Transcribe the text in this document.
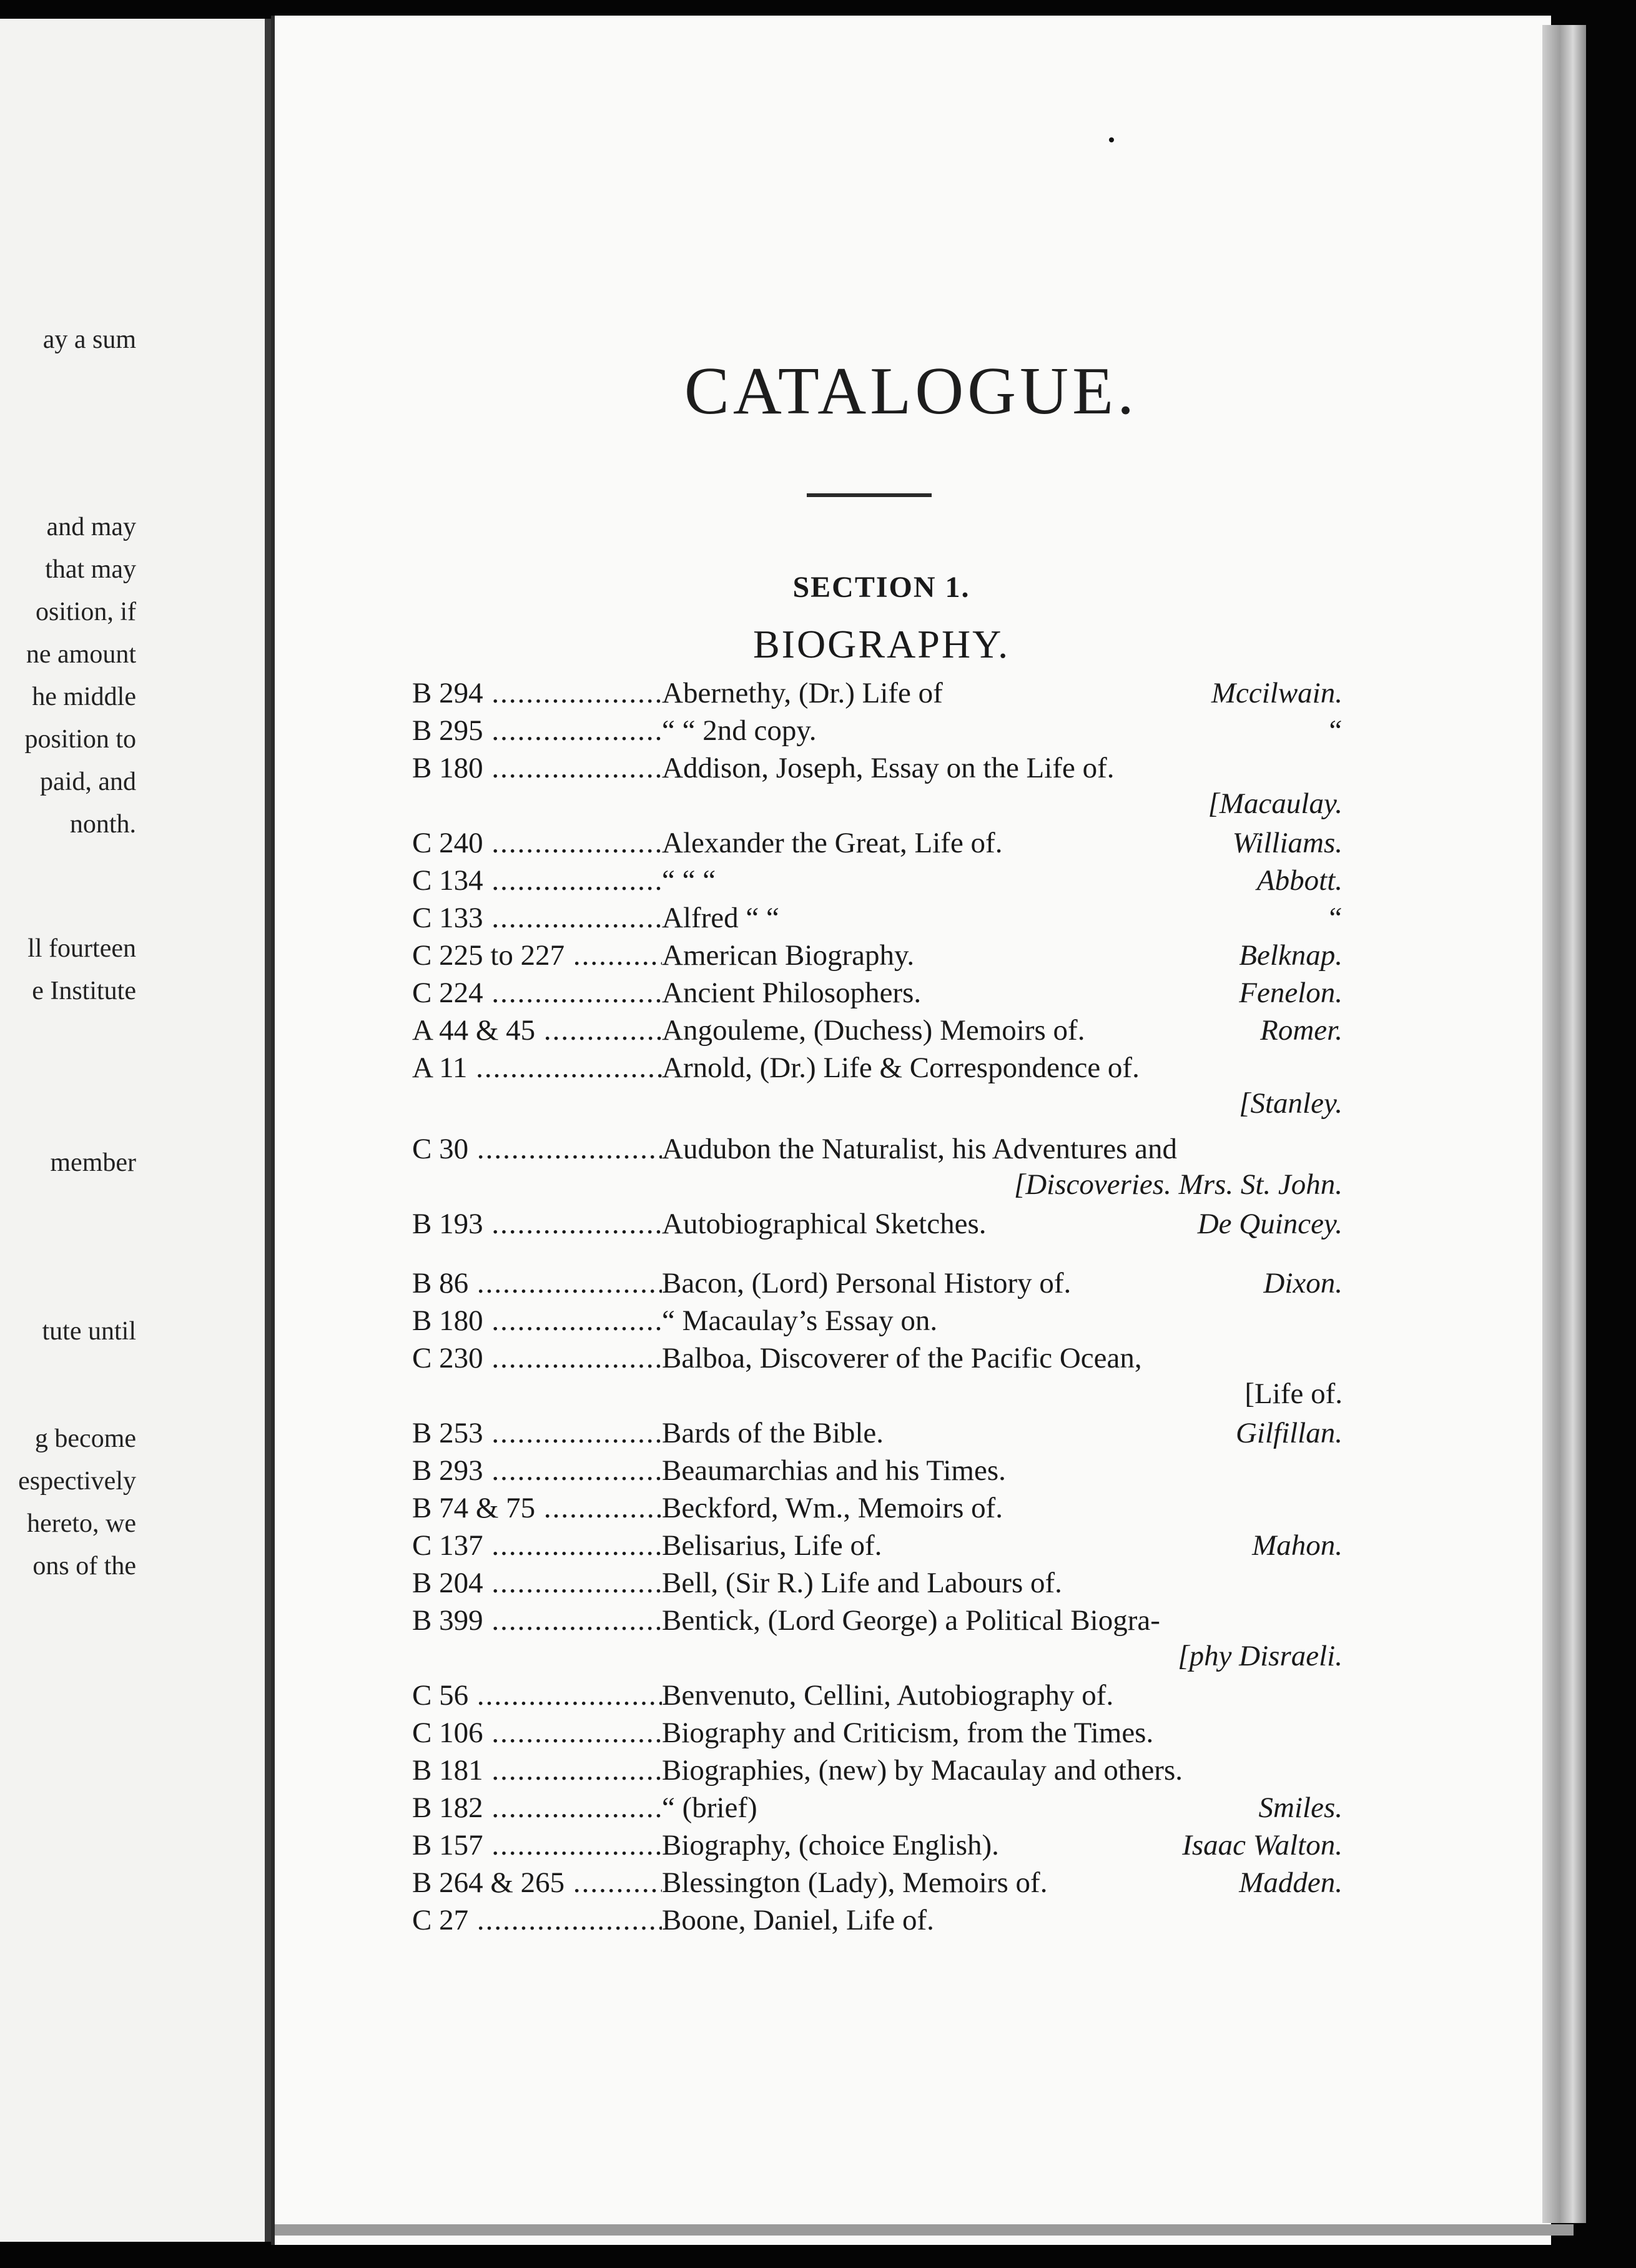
ay a sum
and may
that may
osition, if
ne amount
he middle
position to
paid, and
nonth.
ll fourteen
e Institute
member
tute until
g become
espectively
hereto, we
ons of the
CATALOGUE.
SECTION 1.
BIOGRAPHY.
B 294 .....	Abernethy, (Dr.) Life of	Mccilwain.
B 295 .....	“ “ 2nd copy.	“
B 180 .....	Addison, Joseph, Essay on the Life of.
[Macaulay.
C 240 .....	Alexander the Great, Life of.	Williams.
C 134 .....	“ “ “	Abbott.
C 133 .....	Alfred “ “	“
C 225 to 227 .....	American Biography.	Belknap.
C 224 .....	Ancient Philosophers.	Fenelon.
A 44 & 45 .....	Angouleme, (Duchess) Memoirs of.	Romer.
A 11 .....	Arnold, (Dr.) Life & Correspondence of.
[Stanley.
C 30 .....	Audubon the Naturalist, his Adventures and
[Discoveries. Mrs. St. John.
B 193 .....	Autobiographical Sketches.	De Quincey.
B 86 .....	Bacon, (Lord) Personal History of.	Dixon.
B 180 .....	“ Macaulay’s Essay on.
C 230 .....	Balboa, Discoverer of the Pacific Ocean,
[Life of.
B 253 .....	Bards of the Bible.	Gilfillan.
B 293 .....	Beaumarchias and his Times.
B 74 & 75 .....	Beckford, Wm., Memoirs of.
C 137 .....	Belisarius, Life of.	Mahon.
B 204 .....	Bell, (Sir R.) Life and Labours of.
B 399 .....	Bentick, (Lord George) a Political Biogra-
[phy Disraeli.
C 56 .....	Benvenuto, Cellini, Autobiography of.
C 106 .....	Biography and Criticism, from the Times.
B 181 .....	Biographies, (new) by Macaulay and others.
B 182 .....	“ (brief)	Smiles.
B 157 .....	Biography, (choice English).	Isaac Walton.
B 264 & 265 .....	Blessington (Lady), Memoirs of.	Madden.
C 27 .....	Boone, Daniel, Life of.
